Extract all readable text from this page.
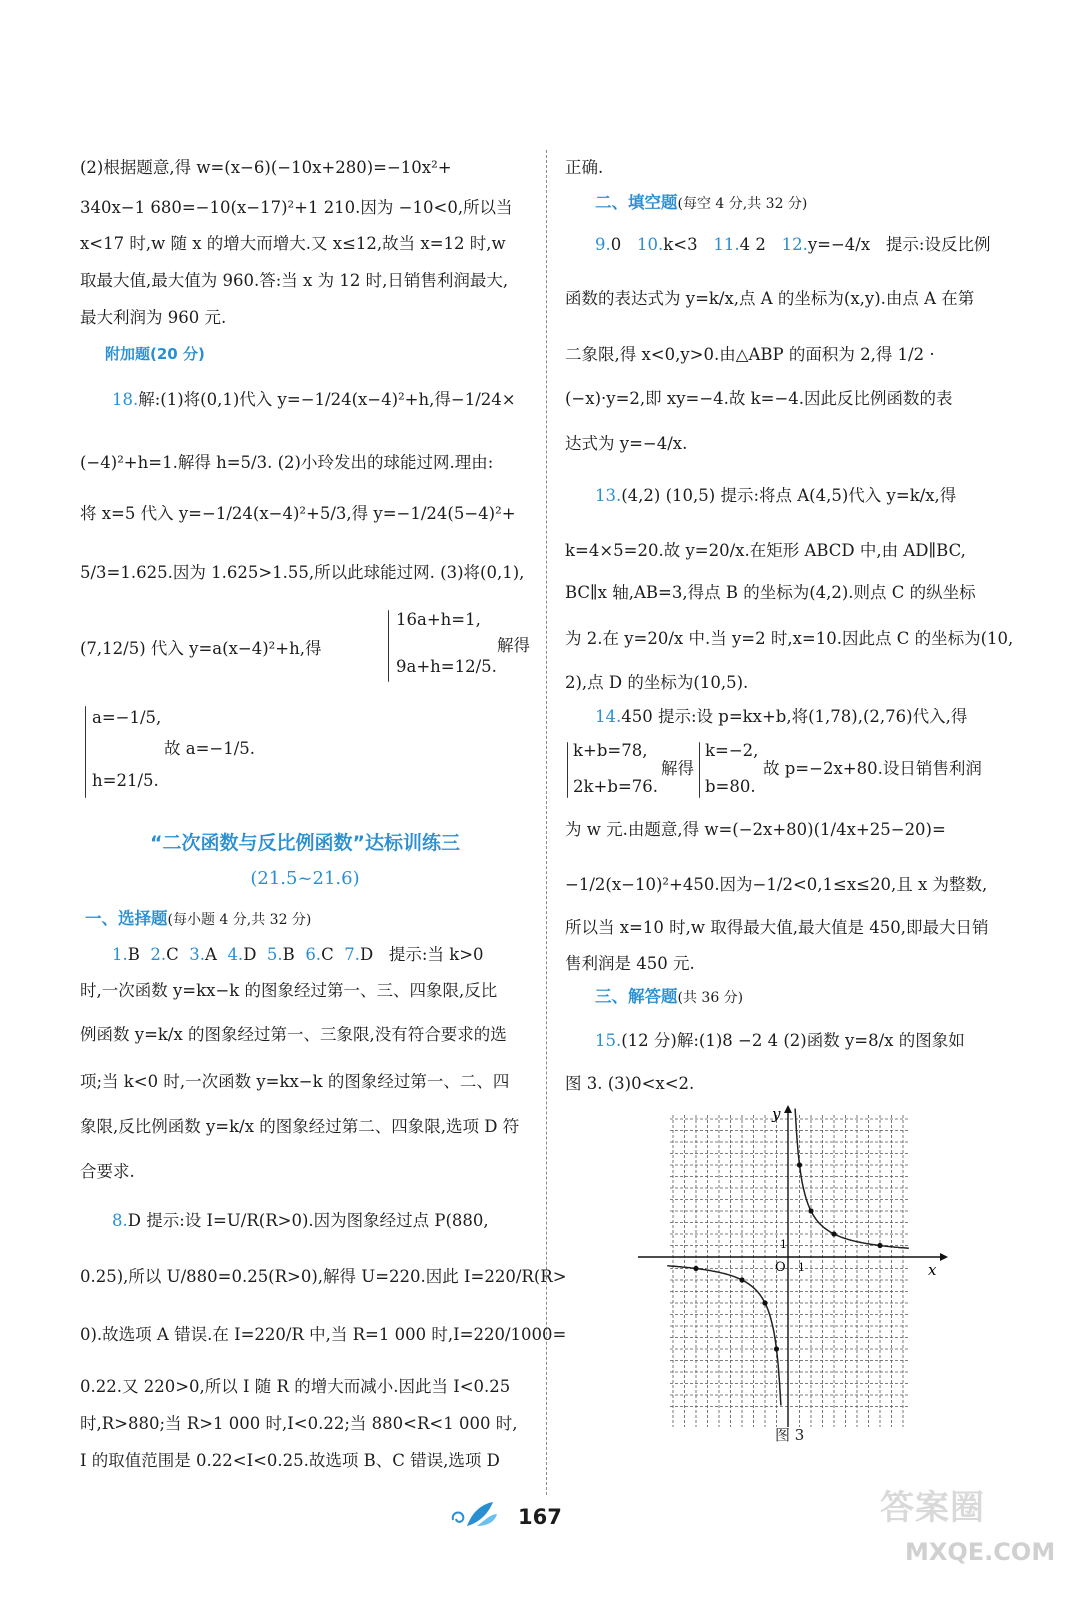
(2)根据题意,得 w=(x−6)(−10x+280)=−10x²+
340x−1 680=−10(x−17)²+1 210.因为 −10<0,所以当
x<17 时,w 随 x 的增大而增大.又 x≤12,故当 x=12 时,w
取最大值,最大值为 960.答:当 x 为 12 时,日销售利润最大,
最大利润为 960 元.
附加题(20 分)
18.解:(1)将(0,1)代入 y=−1/24(x−4)²+h,得−1/24×
(−4)²+h=1.解得 h=5/3. (2)小玲发出的球能过网.理由:
将 x=5 代入 y=−1/24(x−4)²+5/3,得 y=−1/24(5−4)²+
5/3=1.625.因为 1.625>1.55,所以此球能过网. (3)将(0,1),
(7,12/5) 代入 y=a(x−4)²+h,得
16a+h=1,
9a+h=12/5.
解得
a=−1/5,
h=21/5.
故 a=−1/5.
“二次函数与反比例函数”达标训练三
(21.5~21.6)
一、选择题(每小题 4 分,共 32 分)
1.B 2.C 3.A 4.D 5.B 6.C 7.D 提示:当 k>0
时,一次函数 y=kx−k 的图象经过第一、三、四象限,反比
例函数 y=k/x 的图象经过第一、三象限,没有符合要求的选
项;当 k<0 时,一次函数 y=kx−k 的图象经过第一、二、四
象限,反比例函数 y=k/x 的图象经过第二、四象限,选项 D 符
合要求.
8.D 提示:设 I=U/R(R>0).因为图象经过点 P(880,
0.25),所以 U/880=0.25(R>0),解得 U=220.因此 I=220/R(R>
0).故选项 A 错误.在 I=220/R 中,当 R=1 000 时,I=220/1000=
0.22.又 220>0,所以 I 随 R 的增大而减小.因此当 I<0.25
时,R>880;当 R>1 000 时,I<0.22;当 880<R<1 000 时,
I 的取值范围是 0.22<I<0.25.故选项 B、C 错误,选项 D
正确.
二、填空题(每空 4 分,共 32 分)
9.0 10.k<3 11.4 2 12.y=−4/x 提示:设反比例
函数的表达式为 y=k/x,点 A 的坐标为(x,y).由点 A 在第
二象限,得 x<0,y>0.由△ABP 的面积为 2,得 1/2 ·
(−x)·y=2,即 xy=−4.故 k=−4.因此反比例函数的表
达式为 y=−4/x.
13.(4,2) (10,5) 提示:将点 A(4,5)代入 y=k/x,得
k=4×5=20.故 y=20/x.在矩形 ABCD 中,由 AD∥BC,
BC∥x 轴,AB=3,得点 B 的坐标为(4,2).则点 C 的纵坐标
为 2.在 y=20/x 中.当 y=2 时,x=10.因此点 C 的坐标为(10,
2),点 D 的坐标为(10,5).
14.450 提示:设 p=kx+b,将(1,78),(2,76)代入,得
k+b=78,
2k+b=76.
解得
k=−2,
b=80.
故 p=−2x+80.设日销售利润
为 w 元.由题意,得 w=(−2x+80)(1/4x+25−20)=
−1/2(x−10)²+450.因为−1/2<0,1≤x≤20,且 x 为整数,
所以当 x=10 时,w 取得最大值,最大值是 450,即最大日销
售利润是 450 元.
三、解答题(共 36 分)
15.(12 分)解:(1)8 −2 4 (2)函数 y=8/x 的图象如
图 3. (3)0<x<2.
x
y
O 1
1
图 3
167	答案圈
MXQE.COM
